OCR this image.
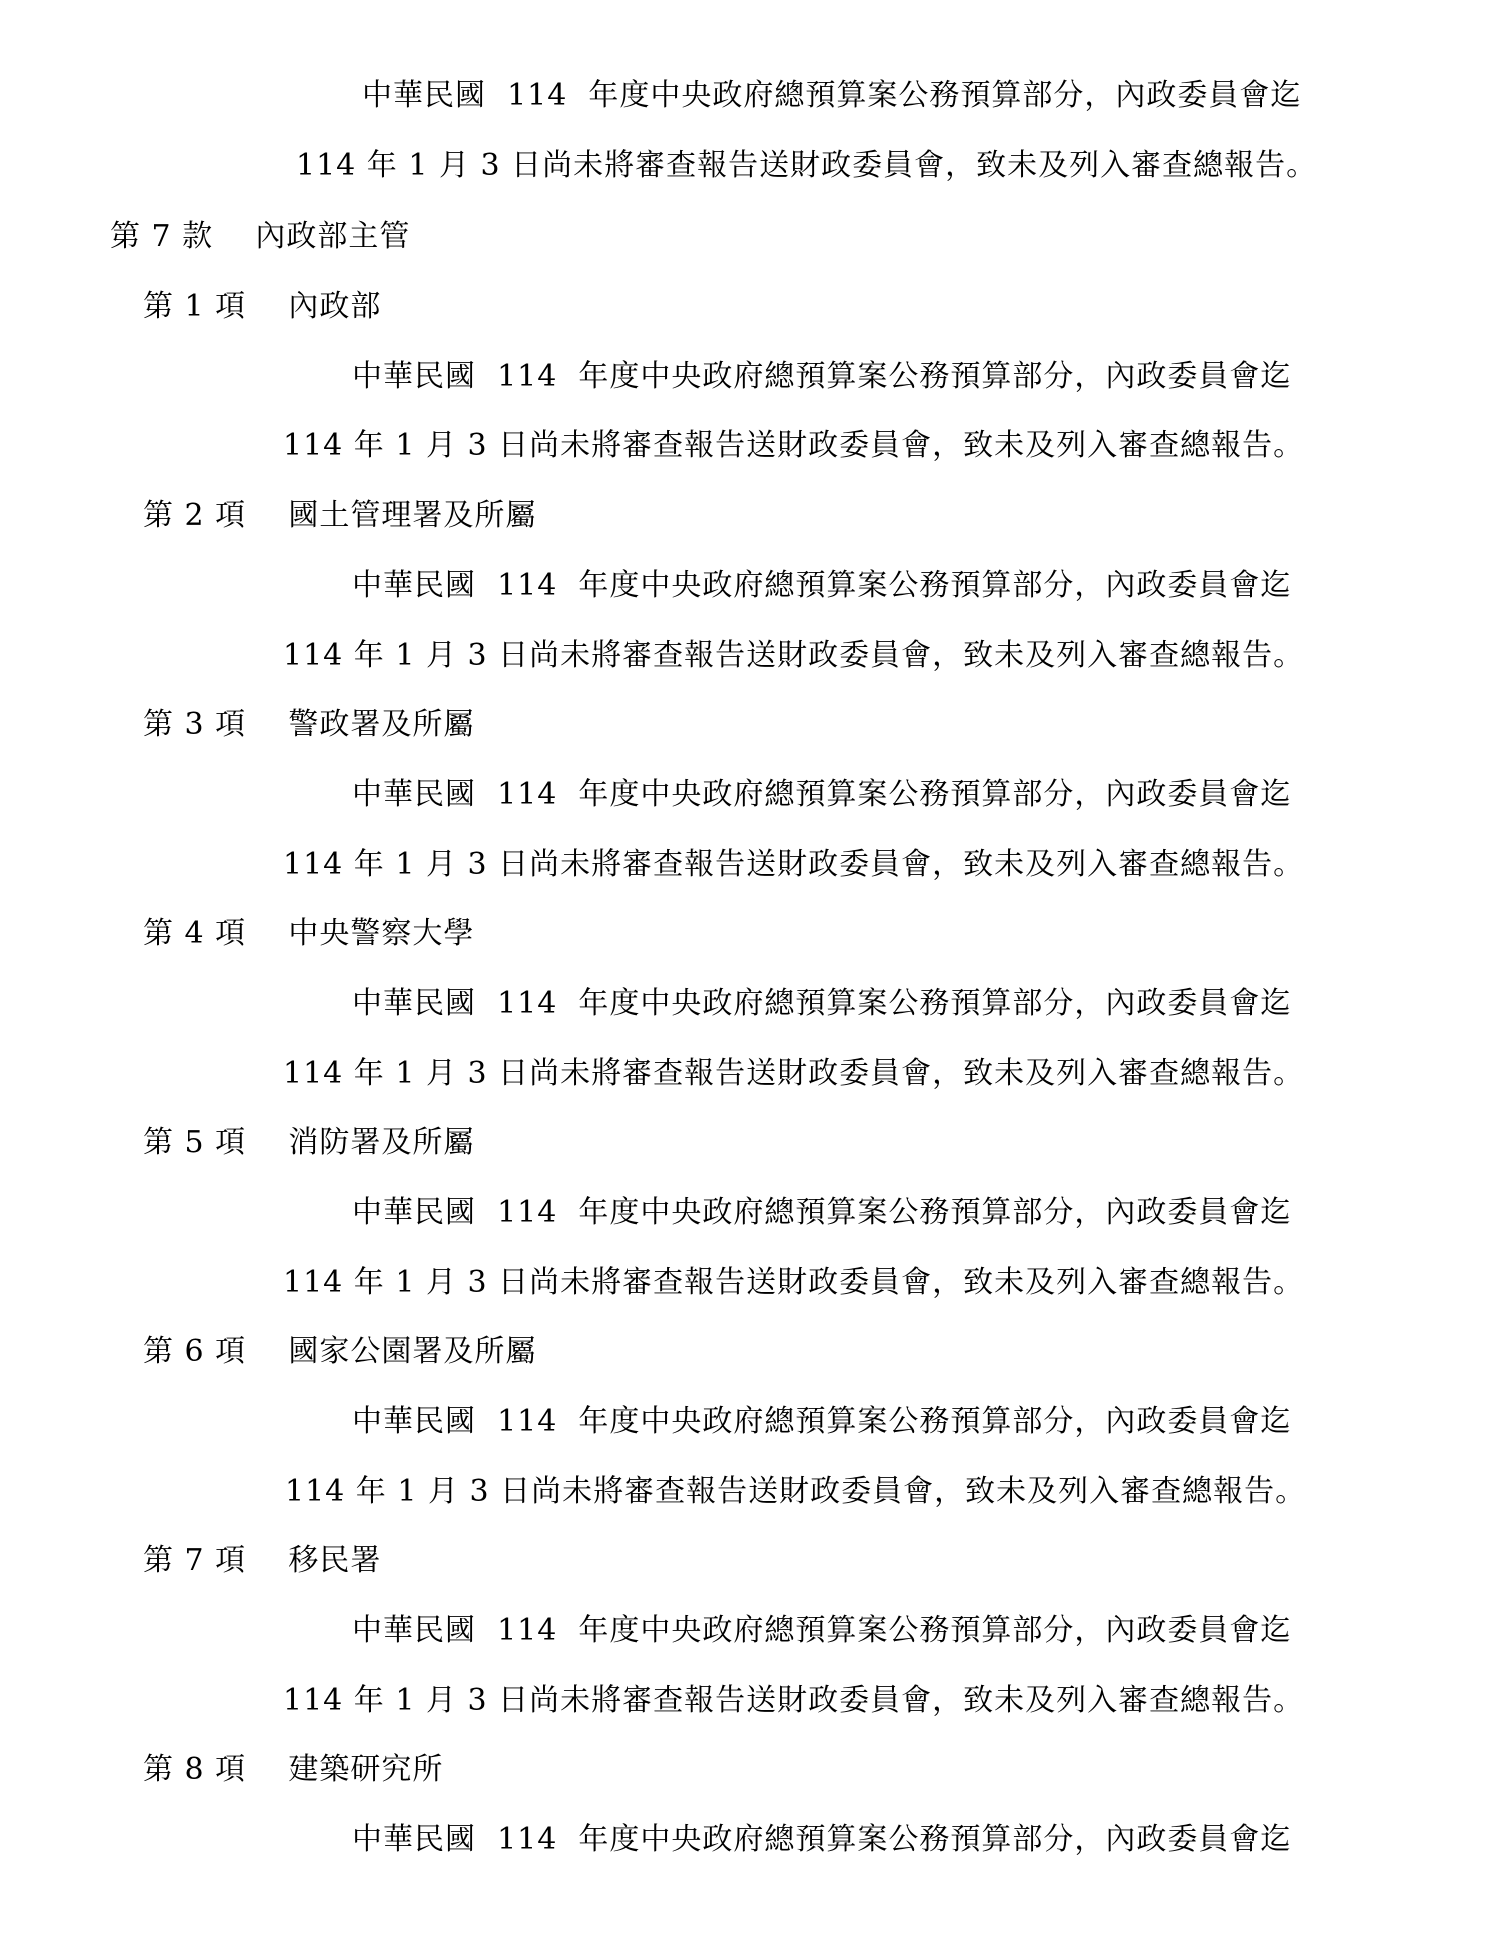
中華民國  114  年度中央政府總預算案公務預算部分，內政委員會迄
114 年 1 月 3 日尚未將審查報告送財政委員會，致未及列入審查總報告。
第 7 款 內政部主管
第 1 項 內政部
中華民國  114  年度中央政府總預算案公務預算部分，內政委員會迄
114 年 1 月 3 日尚未將審查報告送財政委員會，致未及列入審查總報告。
第 2 項 國土管理署及所屬
中華民國  114  年度中央政府總預算案公務預算部分，內政委員會迄
114 年 1 月 3 日尚未將審查報告送財政委員會，致未及列入審查總報告。
第 3 項 警政署及所屬
中華民國  114  年度中央政府總預算案公務預算部分，內政委員會迄
114 年 1 月 3 日尚未將審查報告送財政委員會，致未及列入審查總報告。
第 4 項 中央警察大學
中華民國  114  年度中央政府總預算案公務預算部分，內政委員會迄
114 年 1 月 3 日尚未將審查報告送財政委員會，致未及列入審查總報告。
第 5 項 消防署及所屬
中華民國  114  年度中央政府總預算案公務預算部分，內政委員會迄
114 年 1 月 3 日尚未將審查報告送財政委員會，致未及列入審查總報告。
第 6 項 國家公園署及所屬
中華民國  114  年度中央政府總預算案公務預算部分，內政委員會迄
114 年 1 月 3 日尚未將審查報告送財政委員會，致未及列入審查總報告。
第 7 項 移民署
中華民國  114  年度中央政府總預算案公務預算部分，內政委員會迄
114 年 1 月 3 日尚未將審查報告送財政委員會，致未及列入審查總報告。
第 8 項 建築研究所
中華民國  114  年度中央政府總預算案公務預算部分，內政委員會迄
